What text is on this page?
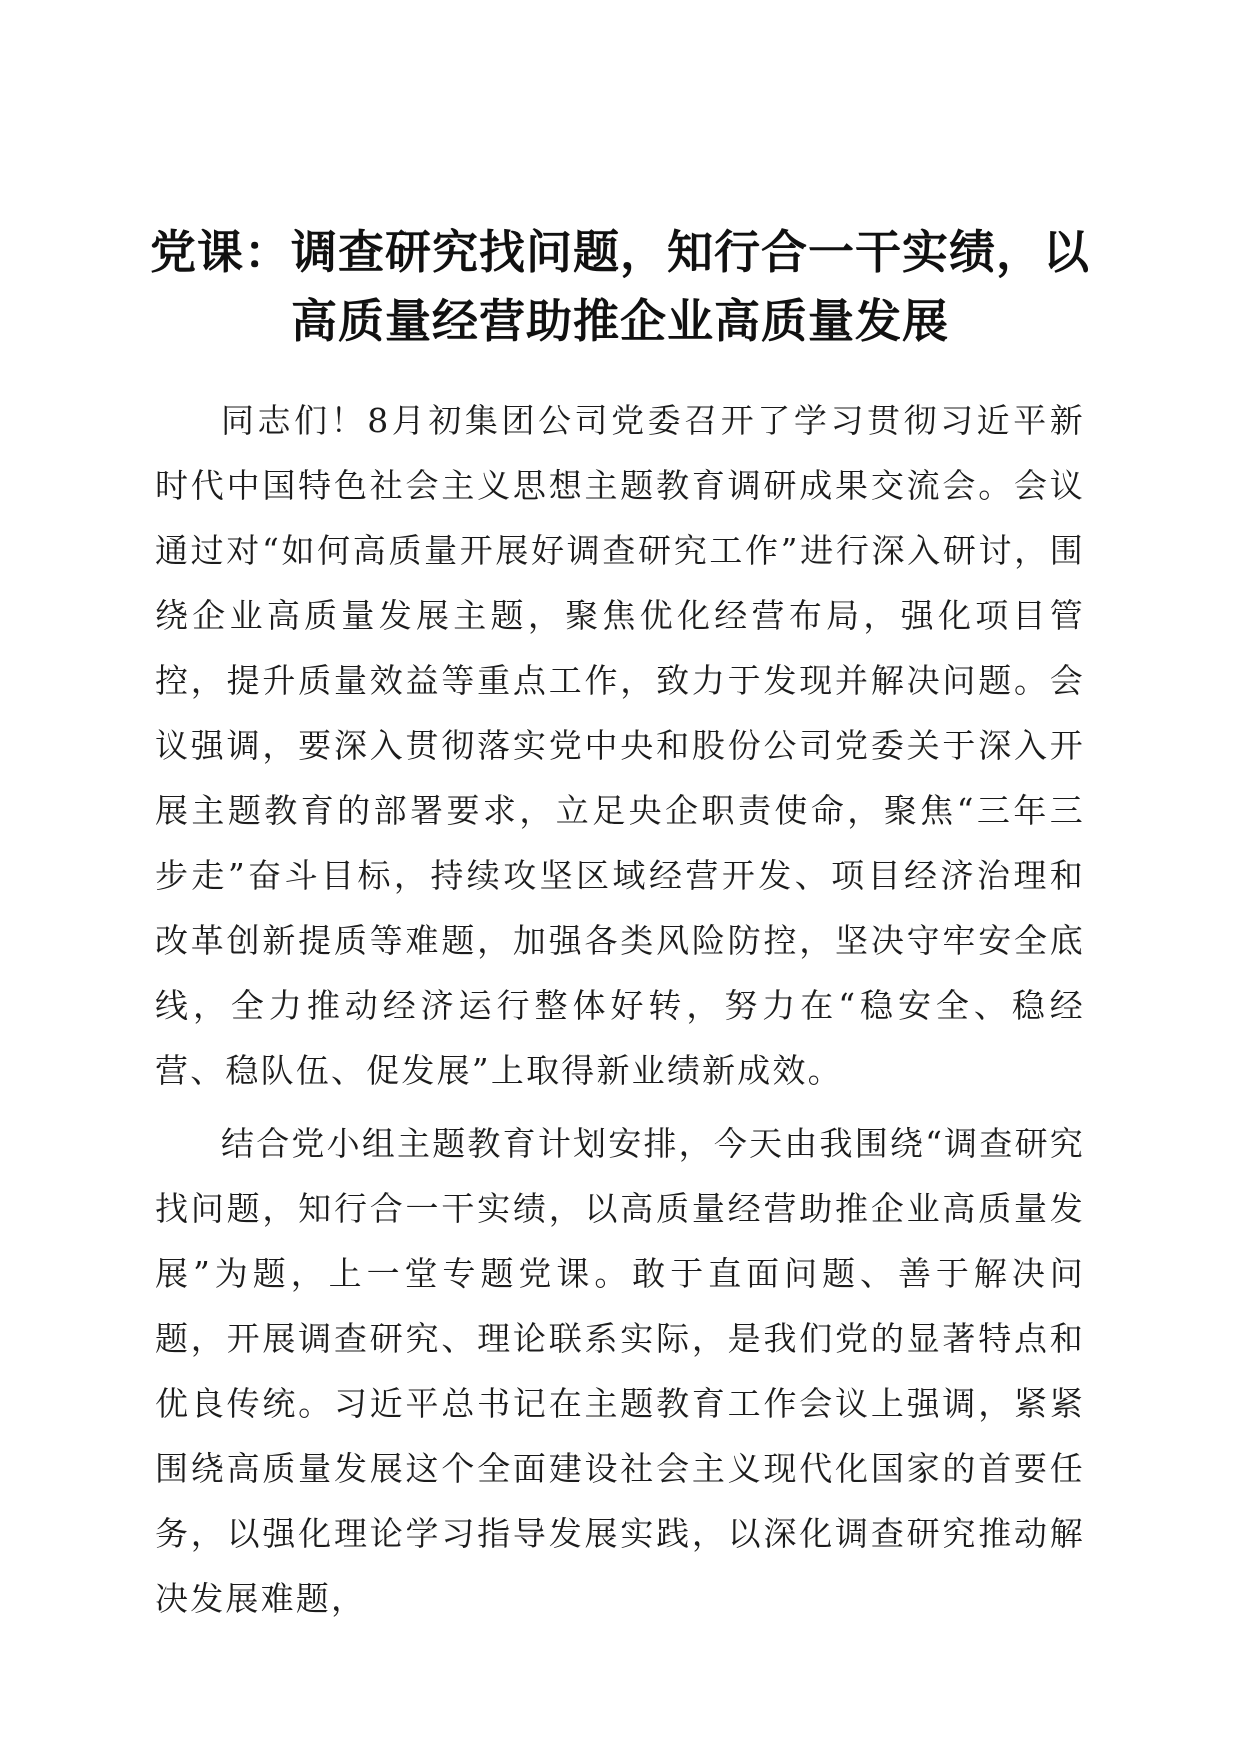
党课：调查研究找问题，知行合一干实绩，以
高质量经营助推企业高质量发展

同志们！8月初集团公司党委召开了学习贯彻习近平新时代中国特色社会主义思想主题教育调研成果交流会。会议通过对“如何高质量开展好调查研究工作”进行深入研讨，围绕企业高质量发展主题，聚焦优化经营布局，强化项目管控，提升质量效益等重点工作，致力于发现并解决问题。会议强调，要深入贯彻落实党中央和股份公司党委关于深入开展主题教育的部署要求，立足央企职责使命，聚焦“三年三步走”奋斗目标，持续攻坚区域经营开发、项目经济治理和改革创新提质等难题，加强各类风险防控，坚决守牢安全底线，全力推动经济运行整体好转，努力在“稳安全、稳经营、稳队伍、促发展”上取得新业绩新成效。

结合党小组主题教育计划安排，今天由我围绕“调查研究找问题，知行合一干实绩，以高质量经营助推企业高质量发展”为题，上一堂专题党课。敢于直面问题、善于解决问题，开展调查研究、理论联系实际，是我们党的显著特点和优良传统。习近平总书记在主题教育工作会议上强调，紧紧围绕高质量发展这个全面建设社会主义现代化国家的首要任务，以强化理论学习指导发展实践，以深化调查研究推动解决发展难题，
